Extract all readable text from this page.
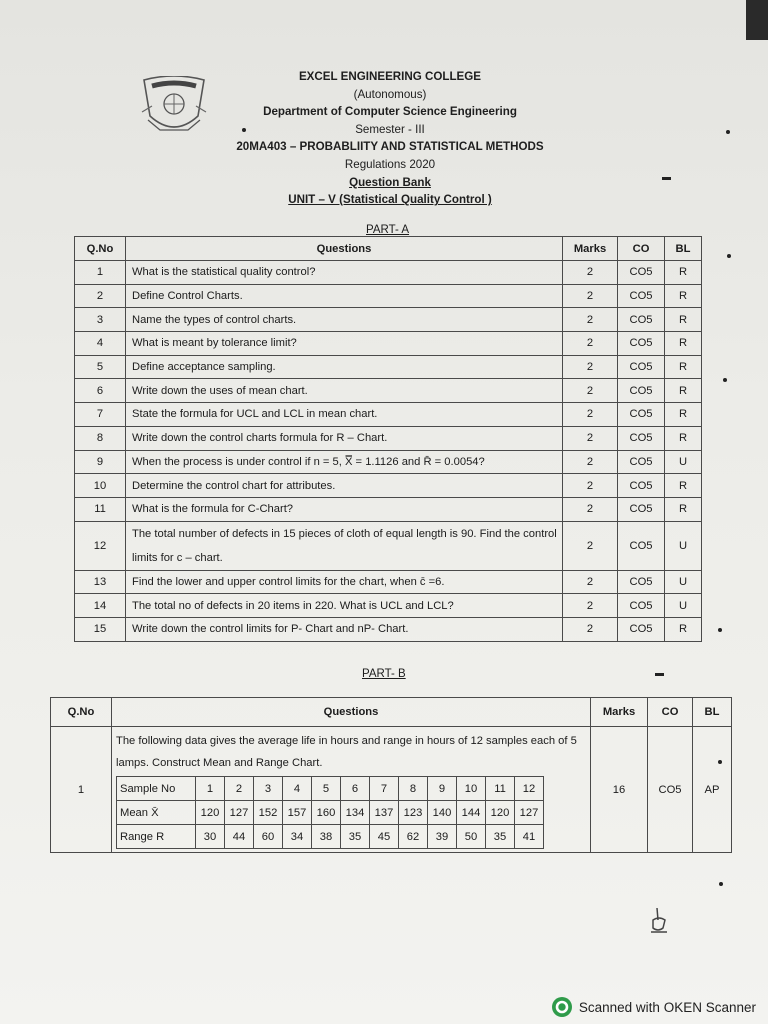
EXCEL ENGINEERING COLLEGE
(Autonomous)
Department of Computer Science Engineering
Semester - III
20MA403 – PROBABLIITY AND STATISTICAL METHODS
Regulations 2020
Question Bank
UNIT – V (Statistical Quality Control )
PART- A
Q.No	Questions	Marks	CO	BL
1	What is the statistical quality control?	2	CO5	R
2	Define Control Charts.	2	CO5	R
3	Name the types of control charts.	2	CO5	R
4	What is meant by tolerance limit?	2	CO5	R
5	Define acceptance sampling.	2	CO5	R
6	Write down the uses of mean chart.	2	CO5	R
7	State the formula for UCL and LCL in mean chart.	2	CO5	R
8	Write down the control charts formula for R – Chart.	2	CO5	R
9	When the process is under control if n = 5, X̿ = 1.1126 and R̄ = 0.0054?	2	CO5	U
10	Determine the control chart for attributes.	2	CO5	R
11	What is the formula for C-Chart?	2	CO5	R
12	The total number of defects in 15 pieces of cloth of equal length is 90. Find the control limits for c – chart.	2	CO5	U
13	Find the lower and upper control limits for the chart, when c̄ =6.	2	CO5	U
14	The total no of defects in 20 items in 220. What is UCL and LCL?	2	CO5	U
15	Write down the control limits for P- Chart and nP- Chart.	2	CO5	R
PART- B
Q.No	Questions	Marks	CO	BL
1	
The following data gives the average life in hours and range in hours of 12 samples each of 5 lamps. Construct Mean and Range Chart.
Sample No	1	2	3	4	5	6	7	8	9	10	11	12
Mean X̄	120	127	152	157	160	134	137	123	140	144	120	127
Range R	30	44	60	34	38	35	45	62	39	50	35	41
	16	CO5	AP
Scanned with OKEN Scanner
